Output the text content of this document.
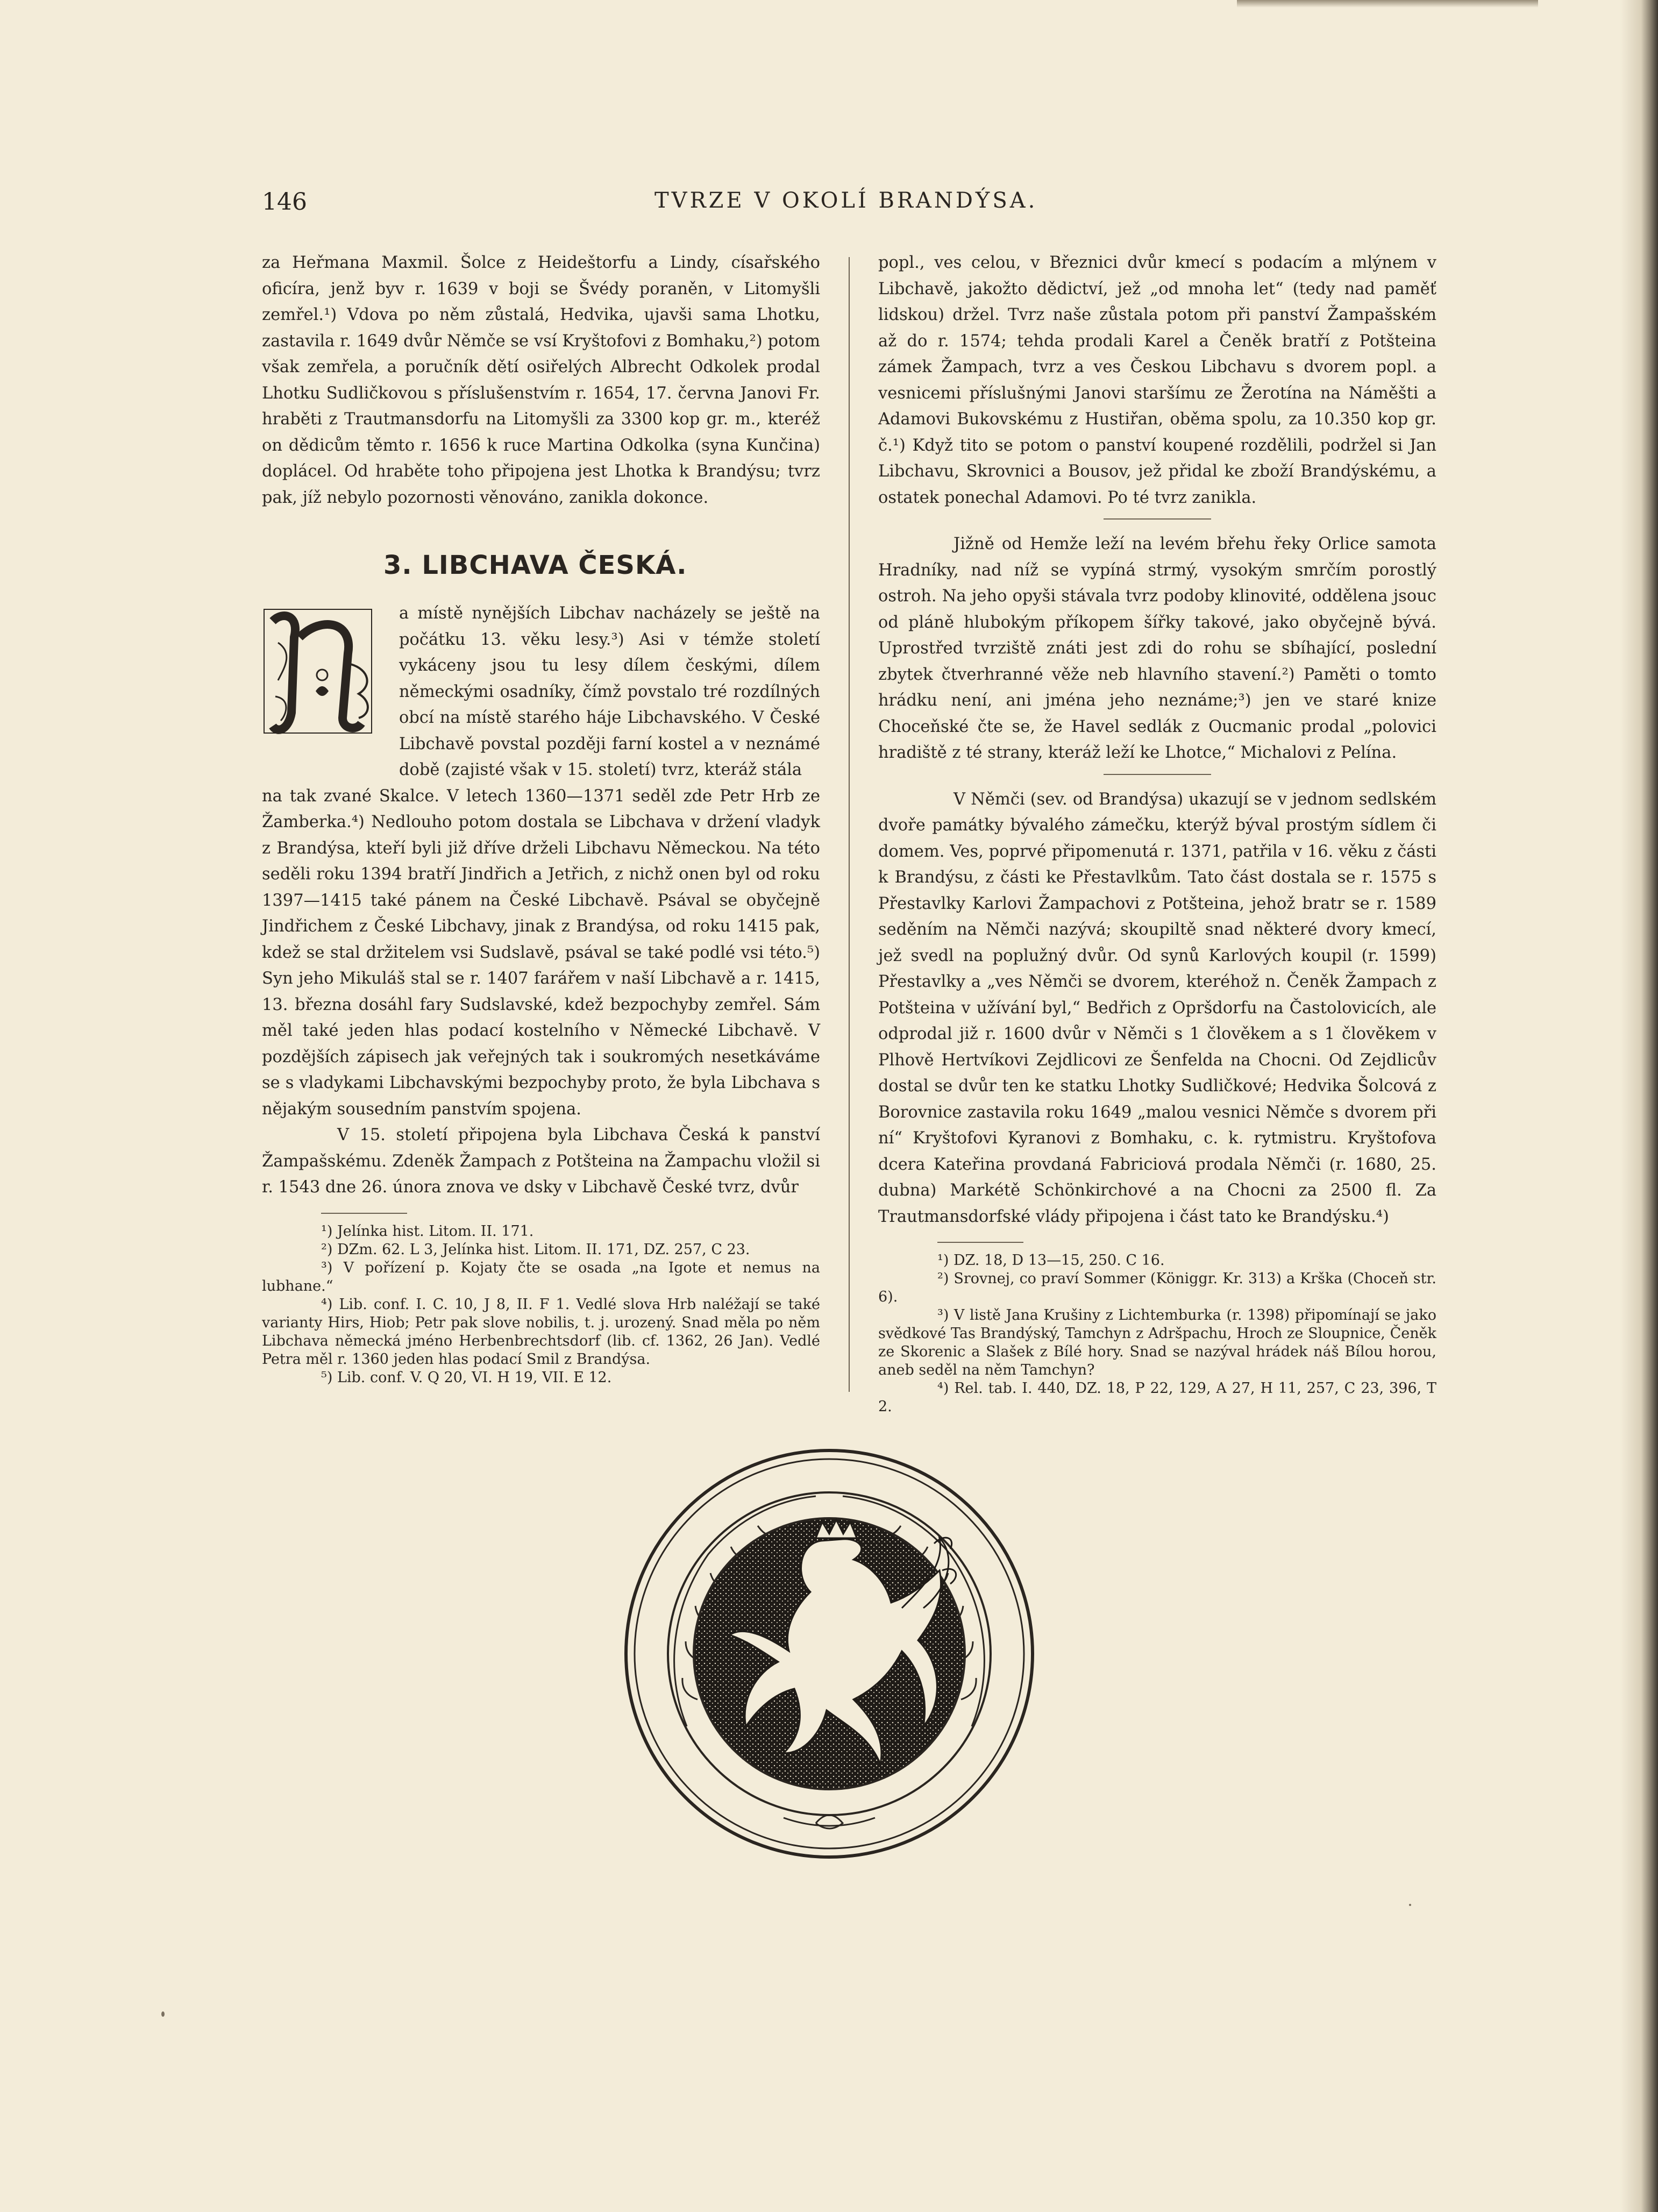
146	TVRZE V OKOLÍ BRANDÝSA.

za Heřmana Maxmil. Šolce z Heideštorfu a Lindy, císařského oficíra, jenž byv r. 1639 v boji se Švédy poraněn, v Litomyšli zemřel.¹) Vdova po něm zůstalá, Hedvika, ujavši sama Lhotku, zastavila r. 1649 dvůr Němče se vsí Kryštofovi z Bomhaku,²) potom však zemřela, a poručník dětí osiřelých Albrecht Odkolek prodal Lhotku Sudličkovou s příslušenstvím r. 1654, 17. června Janovi Fr. hraběti z Trautmansdorfu na Litomyšli za 3300 kop gr. m., kteréž on dědicům těmto r. 1656 k ruce Martina Odkolka (syna Kunčina) doplácel. Od hraběte toho připojena jest Lhotka k Brandýsu; tvrz pak, jíž nebylo pozornosti věnováno, zanikla dokonce.

3. LIBCHAVA ČESKÁ.
N	a místě nynějších Libchav nacházely se ještě na počátku 13. věku lesy.³) Asi v témže století vykáceny jsou tu lesy dílem českými, dílem německými osadníky, čímž povstalo tré rozdílných obcí na místě starého háje Libchavského. V České Libchavě povstal později farní kostel a v neznámé době (zajisté však v 15. století) tvrz, kteráž stála

na tak zvané Skalce. V letech 1360—1371 seděl zde Petr Hrb ze Žamberka.⁴) Nedlouho potom dostala se Libchava v držení vladyk z Brandýsa, kteří byli již dříve drželi Libchavu Německou. Na této seděli roku 1394 bratří Jindřich a Jetřich, z nichž onen byl od roku 1397—1415 také pánem na České Libchavě. Psával se obyčejně Jindřichem z České Libchavy, jinak z Brandýsa, od roku 1415 pak, kdež se stal držitelem vsi Sudslavě, psával se také podlé vsi této.⁵) Syn jeho Mikuláš stal se r. 1407 farářem v naší Libchavě a r. 1415, 13. března dosáhl fary Sudslavské, kdež bezpochyby zemřel. Sám měl také jeden hlas podací kostelního v Německé Libchavě. V pozdějších zápisech jak veřejných tak i soukromých nesetkáváme se s vladykami Libchavskými bezpochyby proto, že byla Libchava s nějakým sousedním panstvím spojena.

V 15. století připojena byla Libchava Česká k panství Žampašskému. Zdeněk Žampach z Potšteina na Žampachu vložil si r. 1543 dne 26. února znova ve dsky v Libchavě České tvrz, dvůr

¹) Jelínka hist. Litom. II. 171.

²) DZm. 62. L 3, Jelínka hist. Litom. II. 171, DZ. 257, C 23.

³) V pořízení p. Kojaty čte se osada „na Igote et nemus na lubhane.“

⁴) Lib. conf. I. C. 10, J 8, II. F 1. Vedlé slova Hrb naléžají se také varianty Hirs, Hiob; Petr pak slove nobilis, t. j. urozený. Snad měla po něm Libchava německá jméno Herbenbrechtsdorf (lib. cf. 1362, 26 Jan). Vedlé Petra měl r. 1360 jeden hlas podací Smil z Brandýsa.

⁵) Lib. conf. V. Q 20, VI. H 19, VII. E 12.

popl., ves celou, v Březnici dvůr kmecí s podacím a mlýnem v Libchavě, jakožto dědictví, jež „od mnoha let“ (tedy nad paměť lidskou) držel. Tvrz naše zůstala potom při panství Žampašském až do r. 1574; tehda prodali Karel a Čeněk bratří z Potšteina zámek Žampach, tvrz a ves Českou Libchavu s dvorem popl. a vesnicemi příslušnými Janovi staršímu ze Žerotína na Náměšti a Adamovi Bukovskému z Hustiřan, oběma spolu, za 10.350 kop gr. č.¹) Když tito se potom o panství koupené rozdělili, podržel si Jan Libchavu, Skrovnici a Bousov, jež přidal ke zboží Brandýskému, a ostatek ponechal Adamovi. Po té tvrz zanikla.

Jižně od Hemže leží na levém břehu řeky Orlice samota Hradníky, nad níž se vypíná strmý, vysokým smrčím porostlý ostroh. Na jeho opyši stávala tvrz podoby klinovité, oddělena jsouc od pláně hlubokým příkopem šířky takové, jako obyčejně bývá. Uprostřed tvrziště znáti jest zdi do rohu se sbíhající, poslední zbytek čtverhranné věže neb hlavního stavení.²) Paměti o tomto hrádku není, ani jména jeho neznáme;³) jen ve staré knize Choceňské čte se, že Havel sedlák z Oucmanic prodal „polovici hradiště z té strany, kteráž leží ke Lhotce,“ Michalovi z Pelína.

V Němči (sev. od Brandýsa) ukazují se v jednom sedlském dvoře památky bývalého zámečku, kterýž býval prostým sídlem či domem. Ves, poprvé připomenutá r. 1371, patřila v 16. věku z části k Brandýsu, z části ke Přestavlkům. Tato část dostala se r. 1575 s Přestavlky Karlovi Žampachovi z Potšteina, jehož bratr se r. 1589 seděním na Němči nazývá; skoupiltě snad některé dvory kmecí, jež svedl na poplužný dvůr. Od synů Karlových koupil (r. 1599) Přestavlky a „ves Němči se dvorem, kteréhož n. Čeněk Žampach z Potšteina v užívání byl,“ Bedřich z Opršdorfu na Častolovicích, ale odprodal již r. 1600 dvůr v Němči s 1 člověkem a s 1 člověkem v Plhově Hertvíkovi Zejdlicovi ze Šenfelda na Chocni. Od Zejdlicův dostal se dvůr ten ke statku Lhotky Sudličkové; Hedvika Šolcová z Borovnice zastavila roku 1649 „malou vesnici Němče s dvorem při ní“ Kryštofovi Kyranovi z Bomhaku, c. k. rytmistru. Kryštofova dcera Kateřina provdaná Fabriciová prodala Němči (r. 1680, 25. dubna) Markétě Schönkirchové a na Chocni za 2500 fl. Za Trautmansdorfské vlády připojena i část tato ke Brandýsku.⁴)

¹) DZ. 18, D 13—15, 250. C 16.

²) Srovnej, co praví Sommer (Königgr. Kr. 313) a Krška (Choceň str. 6).

³) V listě Jana Krušiny z Lichtemburka (r. 1398) připomínají se jako svědkové Tas Brandýský, Tamchyn z Adršpachu, Hroch ze Sloupnice, Čeněk ze Skorenic a Slašek z Bílé hory. Snad se nazýval hrádek náš Bílou horou, aneb seděl na něm Tamchyn?

⁴) Rel. tab. I. 440, DZ. 18, P 22, 129, A 27, H 11, 257, C 23, 396, T 2.
